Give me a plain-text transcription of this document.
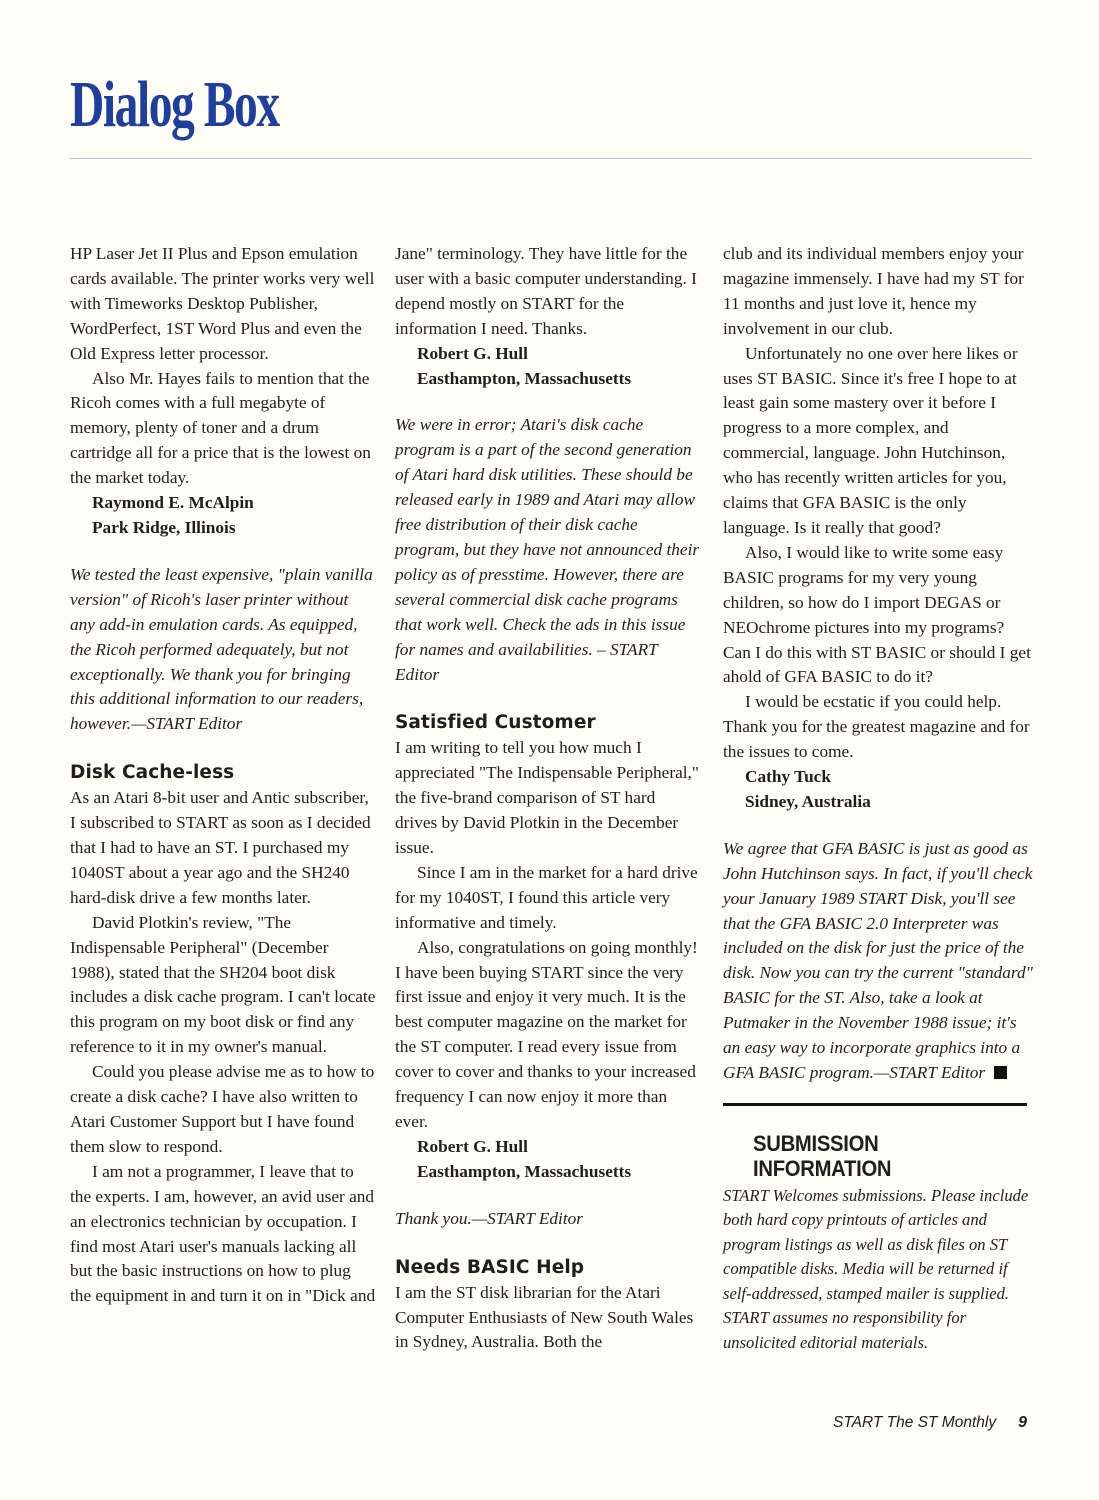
Dialog Box

HP Laser Jet II Plus and Epson emulation cards available. The printer works very well with Timeworks Desktop Publisher, WordPerfect, 1ST Word Plus and even the Old Express letter processor.

Also Mr. Hayes fails to mention that the Ricoh comes with a full megabyte of memory, plenty of toner and a drum cartridge all for a price that is the lowest on the market today.

Raymond E. McAlpin

Park Ridge, Illinois

We tested the least expensive, "plain vanilla version" of Ricoh's laser printer without any add-in emulation cards. As equipped, the Ricoh performed adequately, but not exceptionally. We thank you for bringing this additional information to our readers, however.—START Editor

Disk Cache-less

As an Atari 8-bit user and Antic subscriber, I subscribed to START as soon as I decided that I had to have an ST. I purchased my 1040ST about a year ago and the SH240 hard-disk drive a few months later.

David Plotkin's review, "The Indispensable Peripheral" (December 1988), stated that the SH204 boot disk includes a disk cache program. I can't locate this program on my boot disk or find any reference to it in my owner's manual.

Could you please advise me as to how to create a disk cache? I have also written to Atari Customer Support but I have found them slow to respond.

I am not a programmer, I leave that to the experts. I am, however, an avid user and an electronics technician by occupation. I find most Atari user's manuals lacking all but the basic instructions on how to plug the equipment in and turn it on in "Dick and

Jane" terminology. They have little for the user with a basic computer understanding. I depend mostly on START for the information I need. Thanks.

Robert G. Hull

Easthampton, Massachusetts

We were in error; Atari's disk cache program is a part of the second generation of Atari hard disk utilities. These should be released early in 1989 and Atari may allow free distribution of their disk cache program, but they have not announced their policy as of presstime. However, there are several commercial disk cache programs that work well. Check the ads in this issue for names and availabilities. – START Editor

Satisfied Customer

I am writing to tell you how much I appreciated "The Indispensable Peripheral," the five-brand comparison of ST hard drives by David Plotkin in the December issue.

Since I am in the market for a hard drive for my 1040ST, I found this article very informative and timely.

Also, congratulations on going monthly! I have been buying START since the very first issue and enjoy it very much. It is the best computer magazine on the market for the ST computer. I read every issue from cover to cover and thanks to your increased frequency I can now enjoy it more than ever.

Robert G. Hull

Easthampton, Massachusetts

Thank you.—START Editor

Needs BASIC Help

I am the ST disk librarian for the Atari Computer Enthusiasts of New South Wales in Sydney, Australia. Both the

club and its individual members enjoy your magazine immensely. I have had my ST for 11 months and just love it, hence my involvement in our club.

Unfortunately no one over here likes or uses ST BASIC. Since it's free I hope to at least gain some mastery over it before I progress to a more complex, and commercial, language. John Hutchinson, who has recently written articles for you, claims that GFA BASIC is the only language. Is it really that good?

Also, I would like to write some easy BASIC programs for my very young children, so how do I import DEGAS or NEOchrome pictures into my programs? Can I do this with ST BASIC or should I get ahold of GFA BASIC to do it?

I would be ecstatic if you could help. Thank you for the greatest magazine and for the issues to come.

Cathy Tuck

Sidney, Australia

We agree that GFA BASIC is just as good as John Hutchinson says. In fact, if you'll check your January 1989 START Disk, you'll see that the GFA BASIC 2.0 Interpreter was included on the disk for just the price of the disk. Now you can try the current "standard" BASIC for the ST. Also, take a look at Putmaker in the November 1988 issue; it's an easy way to incorporate graphics into a GFA BASIC program.—START Editor

SUBMISSION INFORMATION

START Welcomes submissions. Please include both hard copy printouts of articles and program listings as well as disk files on ST compatible disks. Media will be returned if self-addressed, stamped mailer is supplied. START assumes no responsibility for unsolicited editorial materials.

START The ST Monthly 9
